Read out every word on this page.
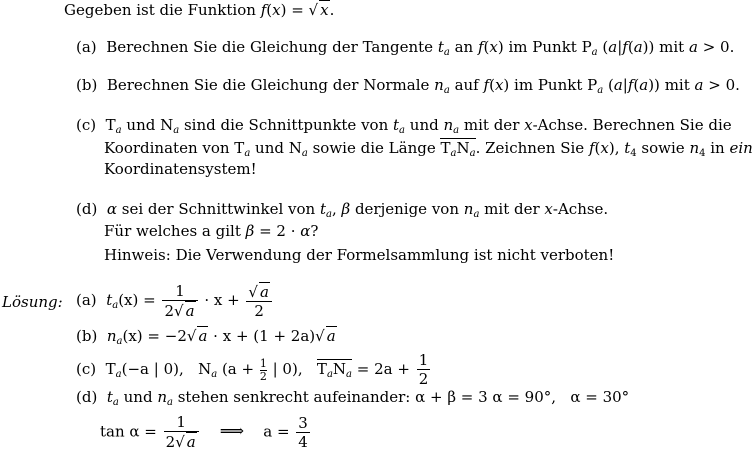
Gegeben ist die Funktion f(x) = √ x.
(a) Berechnen Sie die Gleichung der Tangente $t_a$ an f(x) im Punkt $P_a$ (a|f(a)) mit a > 0.
(b) Berechnen Sie die Gleichung der Normale $n_a$ auf f(x) im Punkt $P_a$ (a|f(a)) mit a > 0.
(c) $T_a$ und $N_a$ sind die Schnittpunkte von $t_a$ und $n_a$ mit der x-Achse. Berechnen Sie die
Koordinaten von $T_a$ und $N_a$ sowie die Länge $T_aN_a$. Zeichnen Sie f(x), $t_4$ sowie $n_4$ in ein
Koordinatensystem!
(d) α sei der Schnittwinkel von $t_a$, β derjenige von $n_a$ mit der x-Achse.
Für welches a gilt β = 2 · α?
Hinweis: Die Verwendung der Formelsammlung ist nicht verboten!
Lösung: (a) $t_a(x) = \frac{1}{2√ a} \cdot x + \frac{√ a}{2}$
(b) $n_a(x) = -2√$ a · x + (1 + 2a)√ a
(c)  $T_a(-a$ | 0), $N_a$ ($a + \frac{1}{2}$ | 0), $T_aN_a = 2a + \frac{1}{2}$
(d) $t_a$ und $n_a$ stehen senkrecht aufeinander: α + β = 3 α = 90°, α = 30°
$\tan \alpha = \frac{1}{2√ a}$ ⟹ $a = \frac{3}{4}$
